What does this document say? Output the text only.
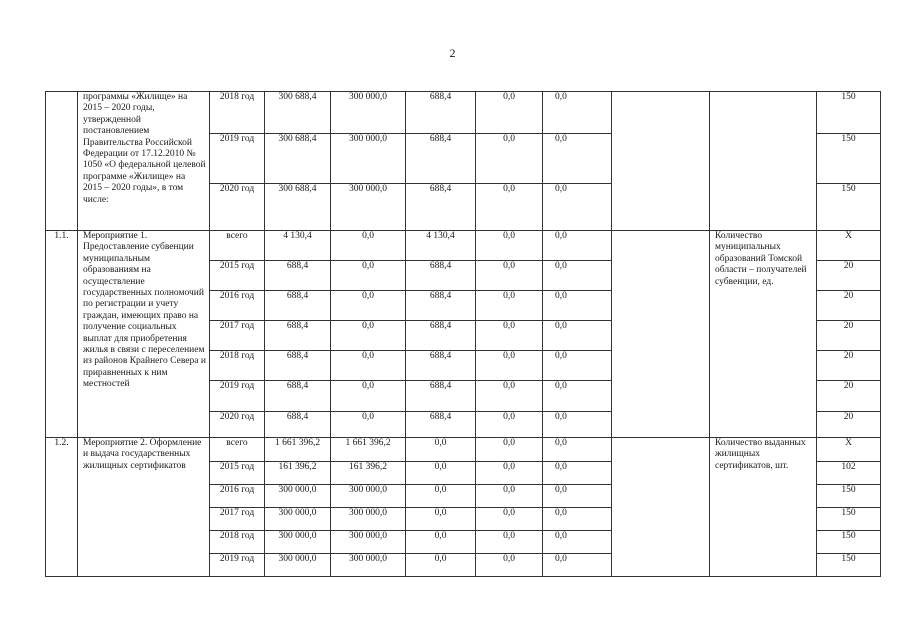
2
	программы «Жилище» на 2015 – 2020 годы, утвержденной постановлением Правительства Российской Федерации от 17.12.2010 № 1050 «О федеральной целевой программе «Жилище» на 2015 – 2020 годы», в том числе:	2018 год	300 688,4	300 000,0	688,4	0,0	0,0			150
		2019 год	300 688,4	300 000,0	688,4	0,0	0,0			150
		2020 год	300 688,4	300 000,0	688,4	0,0	0,0			150
1.1.	Мероприятие 1. Предоставление субвенции муниципальным образованиям на осуществление государственных полномочий по регистрации и учету граждан, имеющих право на получение социальных выплат для приобретения жилья в связи с переселением из районов Крайнего Севера и приравненных к ним местностей	всего	4 130,4	0,0	4 130,4	0,0	0,0		Количество муниципальных образований Томской области – получателей субвенции, ед.	Х
		2015 год	688,4	0,0	688,4	0,0	0,0			20
		2016 год	688,4	0,0	688,4	0,0	0,0			20
		2017 год	688,4	0,0	688,4	0,0	0,0			20
		2018 год	688,4	0,0	688,4	0,0	0,0			20
		2019 год	688,4	0,0	688,4	0,0	0,0			20
		2020 год	688,4	0,0	688,4	0,0	0,0			20
1.2.	Мероприятие 2. Оформление и выдача государственных жилищных сертификатов	всего	1 661 396,2	1 661 396,2	0,0	0,0	0,0		Количество выданных жилищных сертификатов, шт.	Х
		2015 год	161 396,2	161 396,2	0,0	0,0	0,0			102
		2016 год	300 000,0	300 000,0	0,0	0,0	0,0			150
		2017 год	300 000,0	300 000,0	0,0	0,0	0,0			150
		2018 год	300 000,0	300 000,0	0,0	0,0	0,0			150
		2019 год	300 000,0	300 000,0	0,0	0,0	0,0			150
